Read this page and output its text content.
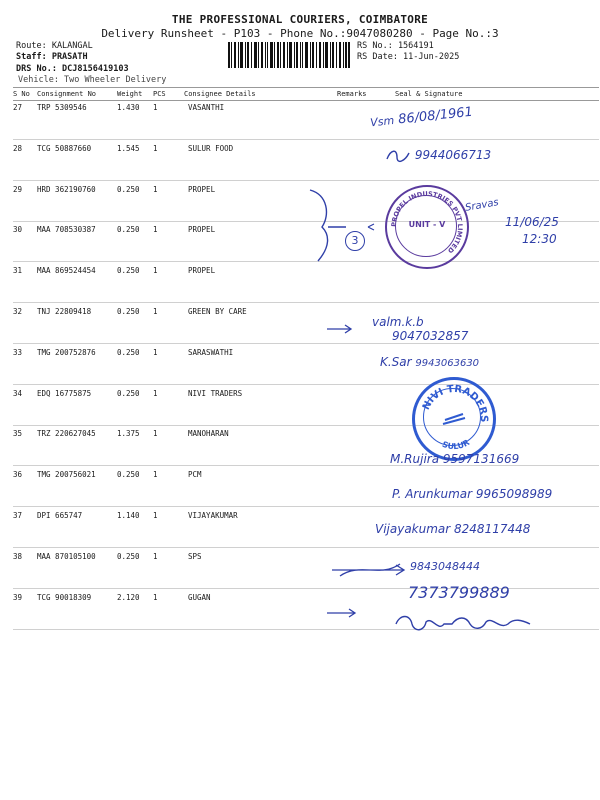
THE PROFESSIONAL COURIERS, COIMBATORE
Delivery Runsheet - P103 - Phone No.:9047080280 - Page No.:3
Route: KALANGAL
Staff: PRASATH
DRS No.: DCJ8156419103
Vehicle: Two Wheeler Delivery
RS No.: 1564191
RS Date: 11-Jun-2025
S No Consignment No	Weight PCS	Consignee Details	Remarks	Seal & Signature
27 TRP 5309546	1.430 1	VASANTHI
28 TCG 50887660	1.545 1	SULUR FOOD
29 HRD 362190760	0.250 1	PROPEL
30 MAA 708530387	0.250 1	PROPEL
31 MAA 869524454	0.250 1	PROPEL
32 TNJ 22809418	0.250 1	GREEN BY CARE
33 TMG 200752876	0.250 1	SARASWATHI
34 EDQ 16775875	0.250 1	NIVI TRADERS
35 TRZ 220627045	1.375 1	MANOHARAN
36 TMG 200756021	0.250 1	PCM
37 DPI 665747	1.140 1	VIJAYAKUMAR
38 MAA 870105100	0.250 1	SPS
39 TCG 90018309	2.120 1	GUGAN
Vsm 86/08/1961
9944066713
3
PROPEL INDUSTRIES PVT LIMITED
UNIT - V
Sravas
11/06/25
12:30
valm.k.b
9047032857
K.Sar 9943063630
NIVI TRADERS
SULUR
M.Rujira 9597131669
P. Arunkumar 9965098989
Vijayakumar 8248117448
9843048444
7373799889
